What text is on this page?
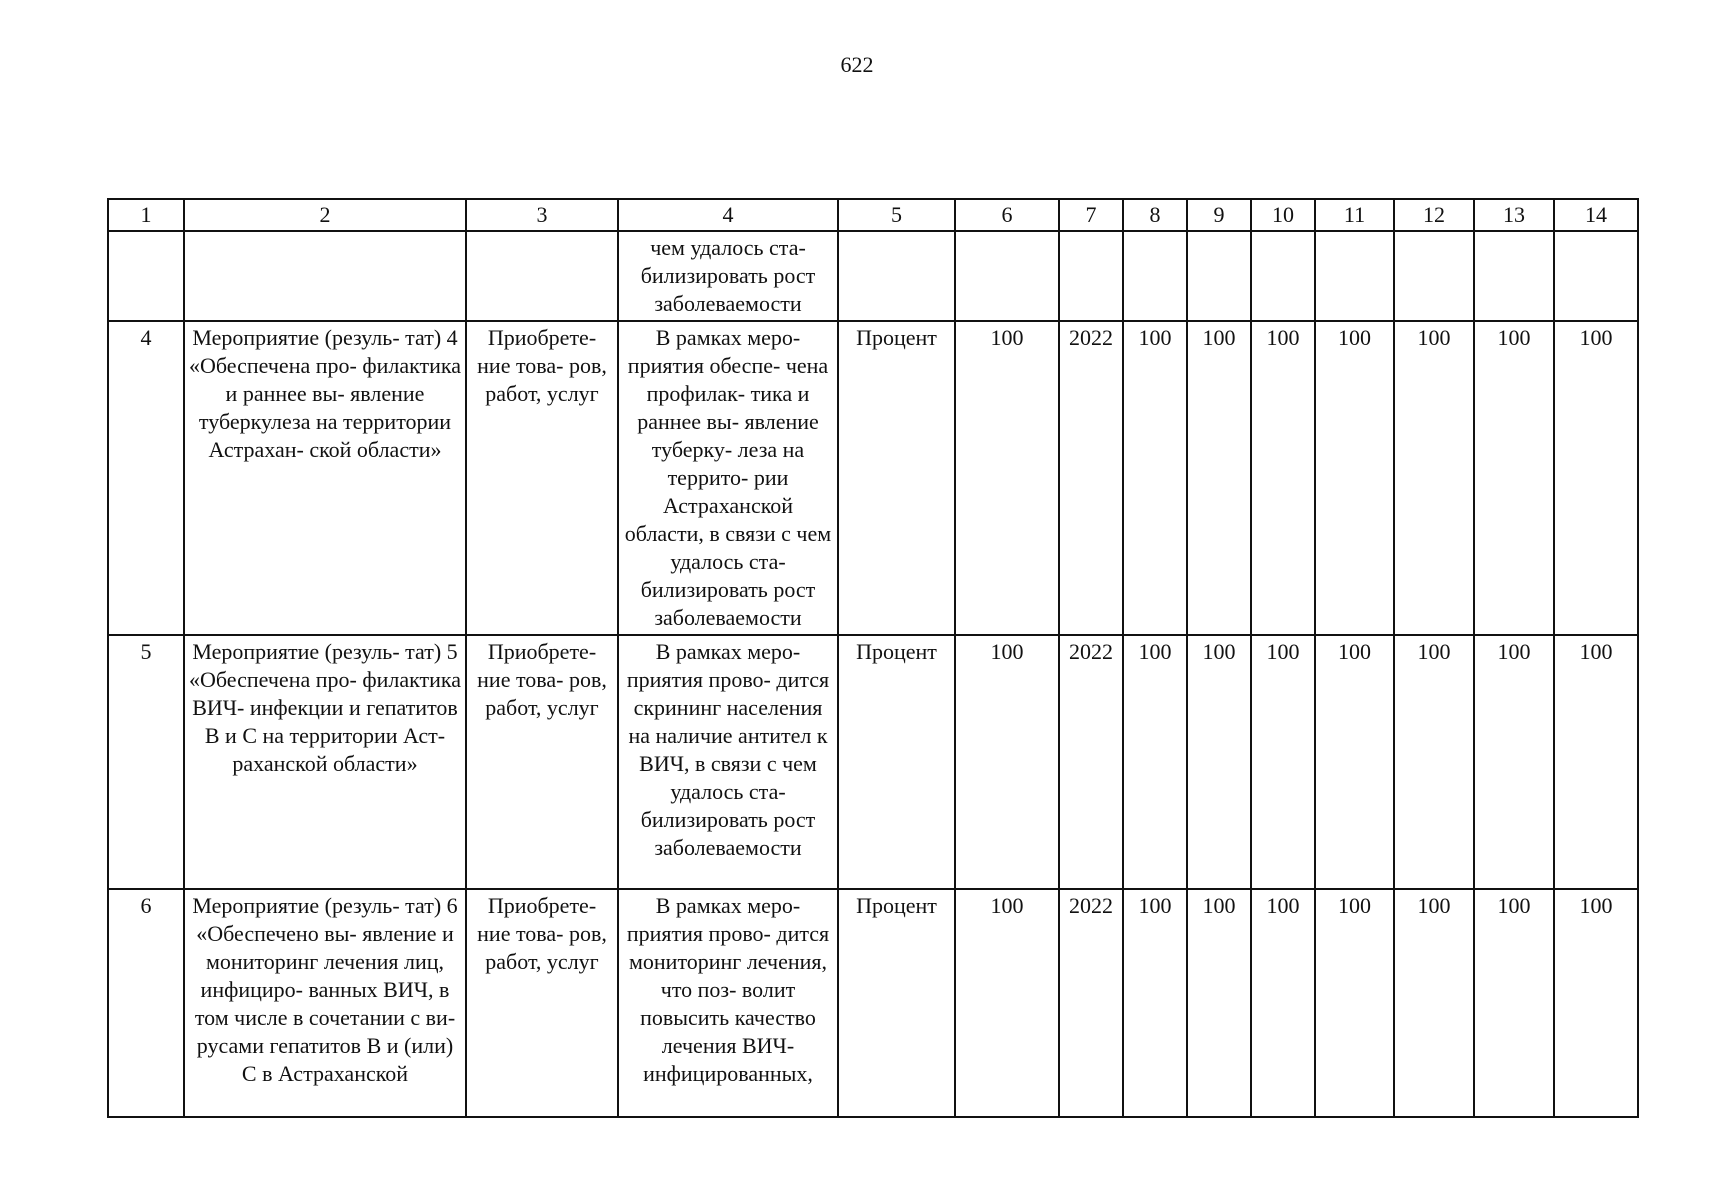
622
1	2	3	4	5	6	7	8	9	10	11	12	13	14
			чем удалось ста- билизировать рост заболеваемости										
4	Мероприятие (резуль- тат) 4 «Обеспечена про- филактика и раннее вы- явление туберкулеза на территории Астрахан- ской области»	Приобрете- ние това- ров, работ, услуг	В рамках меро- приятия обеспе- чена профилак- тика и раннее вы- явление туберку- леза на террито- рии Астраханской области, в связи с чем удалось ста- билизировать рост заболеваемости	Процент	100	2022	100	100	100	100	100	100	100
5	Мероприятие (резуль- тат) 5 «Обеспечена про- филактика ВИЧ- инфекции и гепатитов В и С на территории Аст- раханской области»	Приобрете- ние това- ров, работ, услуг	В рамках меро- приятия прово- дится скрининг населения на наличие антител к ВИЧ, в связи с чем удалось ста- билизировать рост заболеваемости	Процент	100	2022	100	100	100	100	100	100	100
6	Мероприятие (резуль- тат) 6 «Обеспечено вы- явление и мониторинг лечения лиц, инфициро- ванных ВИЧ, в том числе в сочетании с ви- русами гепатитов В и (или) С в Астраханской	Приобрете- ние това- ров, работ, услуг	В рамках меро- приятия прово- дится мониторинг лечения, что поз- волит повысить качество лечения ВИЧ- инфицированных,	Процент	100	2022	100	100	100	100	100	100	100
